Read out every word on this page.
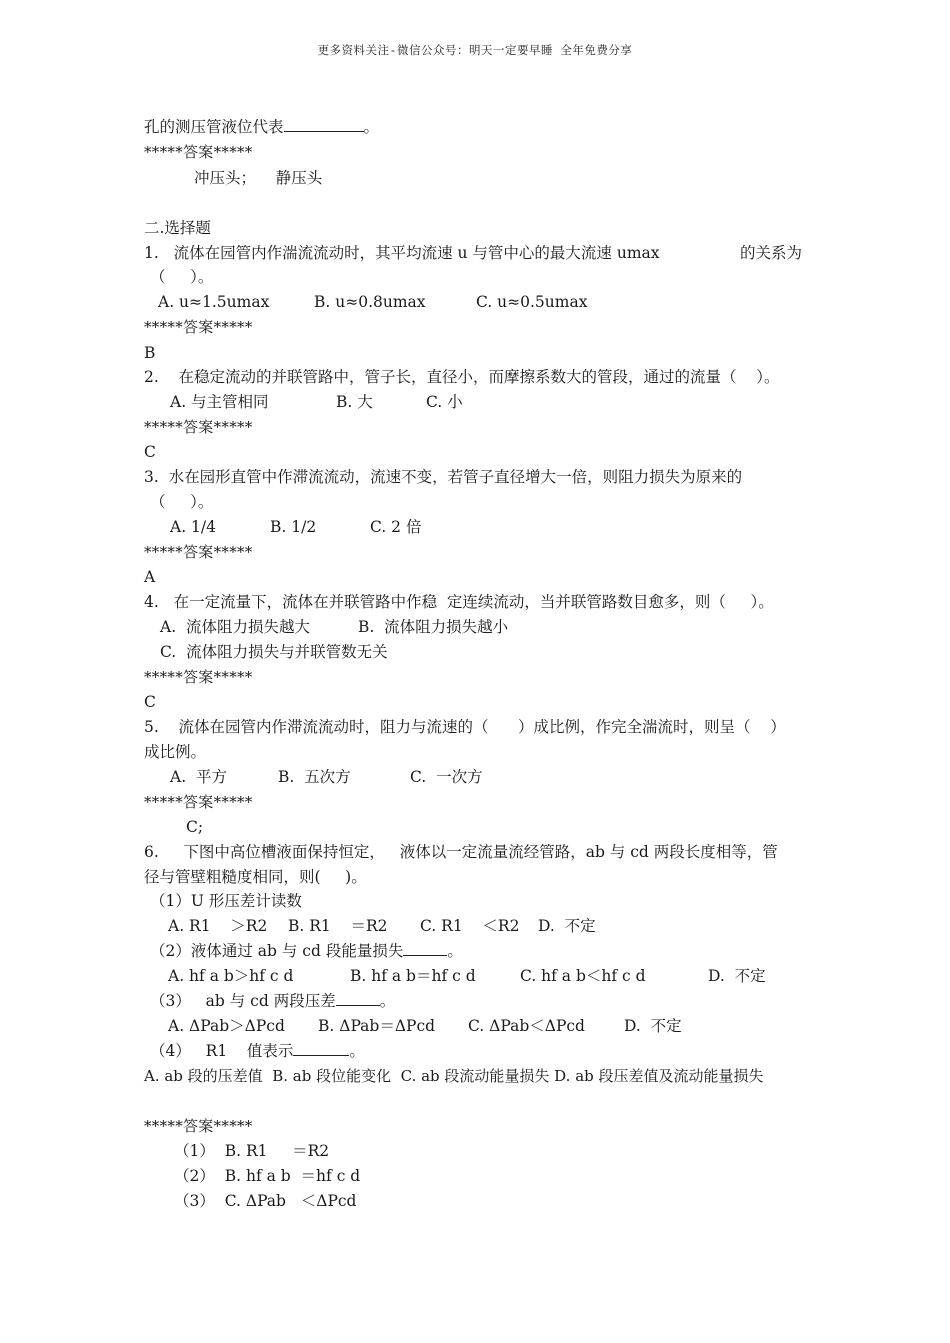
更多资料关注-微信公众号：明天一定要早睡 全年免费分享
孔的测压管液位代表	。
*****答案*****
冲压头；    静压头
二.选择题
1.   流体在园管内作湍流流动时，其平均流速 u 与管中心的最大流速 umax	的关系为
（     ）。
A. u≈1.5umax	B. u≈0.8umax	C. u≈0.5umax
*****答案*****
B
2.    在稳定流动的并联管路中，管子长，直径小，而摩擦系数大的管段，通过的流量（    ）。
A. 与主管相同	B. 大	C. 小
*****答案*****
C
3.  水在园形直管中作滞流流动，流速不变，若管子直径增大一倍，则阻力损失为原来的
（     ）。
A. 1/4	B. 1/2	C. 2 倍
*****答案*****
A
4.   在一定流量下，流体在并联管路中作稳  定连续流动，当并联管路数目愈多，则（     ）。
A.  流体阻力损失越大	B.  流体阻力损失越小
C.  流体阻力损失与并联管数无关
*****答案*****
C
5.    流体在园管内作滞流流动时，阻力与流速的（      ）成比例，作完全湍流时，则呈（    ）
成比例。
A.  平方	B.  五次方	C.  一次方
*****答案*****
C;
6.     下图中高位槽液面保持恒定，   液体以一定流量流经管路，ab 与 cd 两段长度相等，管
径与管壁粗糙度相同，则(     )。
（1）U 形压差计读数
A. R1    ＞R2 B. R1    ＝R2 C. R1    ＜R2 D.  不定
（2）液体通过 ab 与 cd 段能量损失	。
A. hf a b＞hf c d	B. hf a b＝hf c d	C. hf a b＜hf c d	D.  不定
（3）   ab 与 cd 两段压差	。
A. ΔPab＞ΔPcd B. ΔPab＝ΔPcd C. ΔPab＜ΔPcd	D.  不定
（4）   R1    值表示	。
A. ab 段的压差值  B. ab 段位能变化  C. ab 段流动能量损失 D. ab 段压差值及流动能量损失
*****答案*****
（1）  B. R1     ＝R2
（2）  B. hf a b  ＝hf c d
（3）  C. ΔPab   ＜ΔPcd
